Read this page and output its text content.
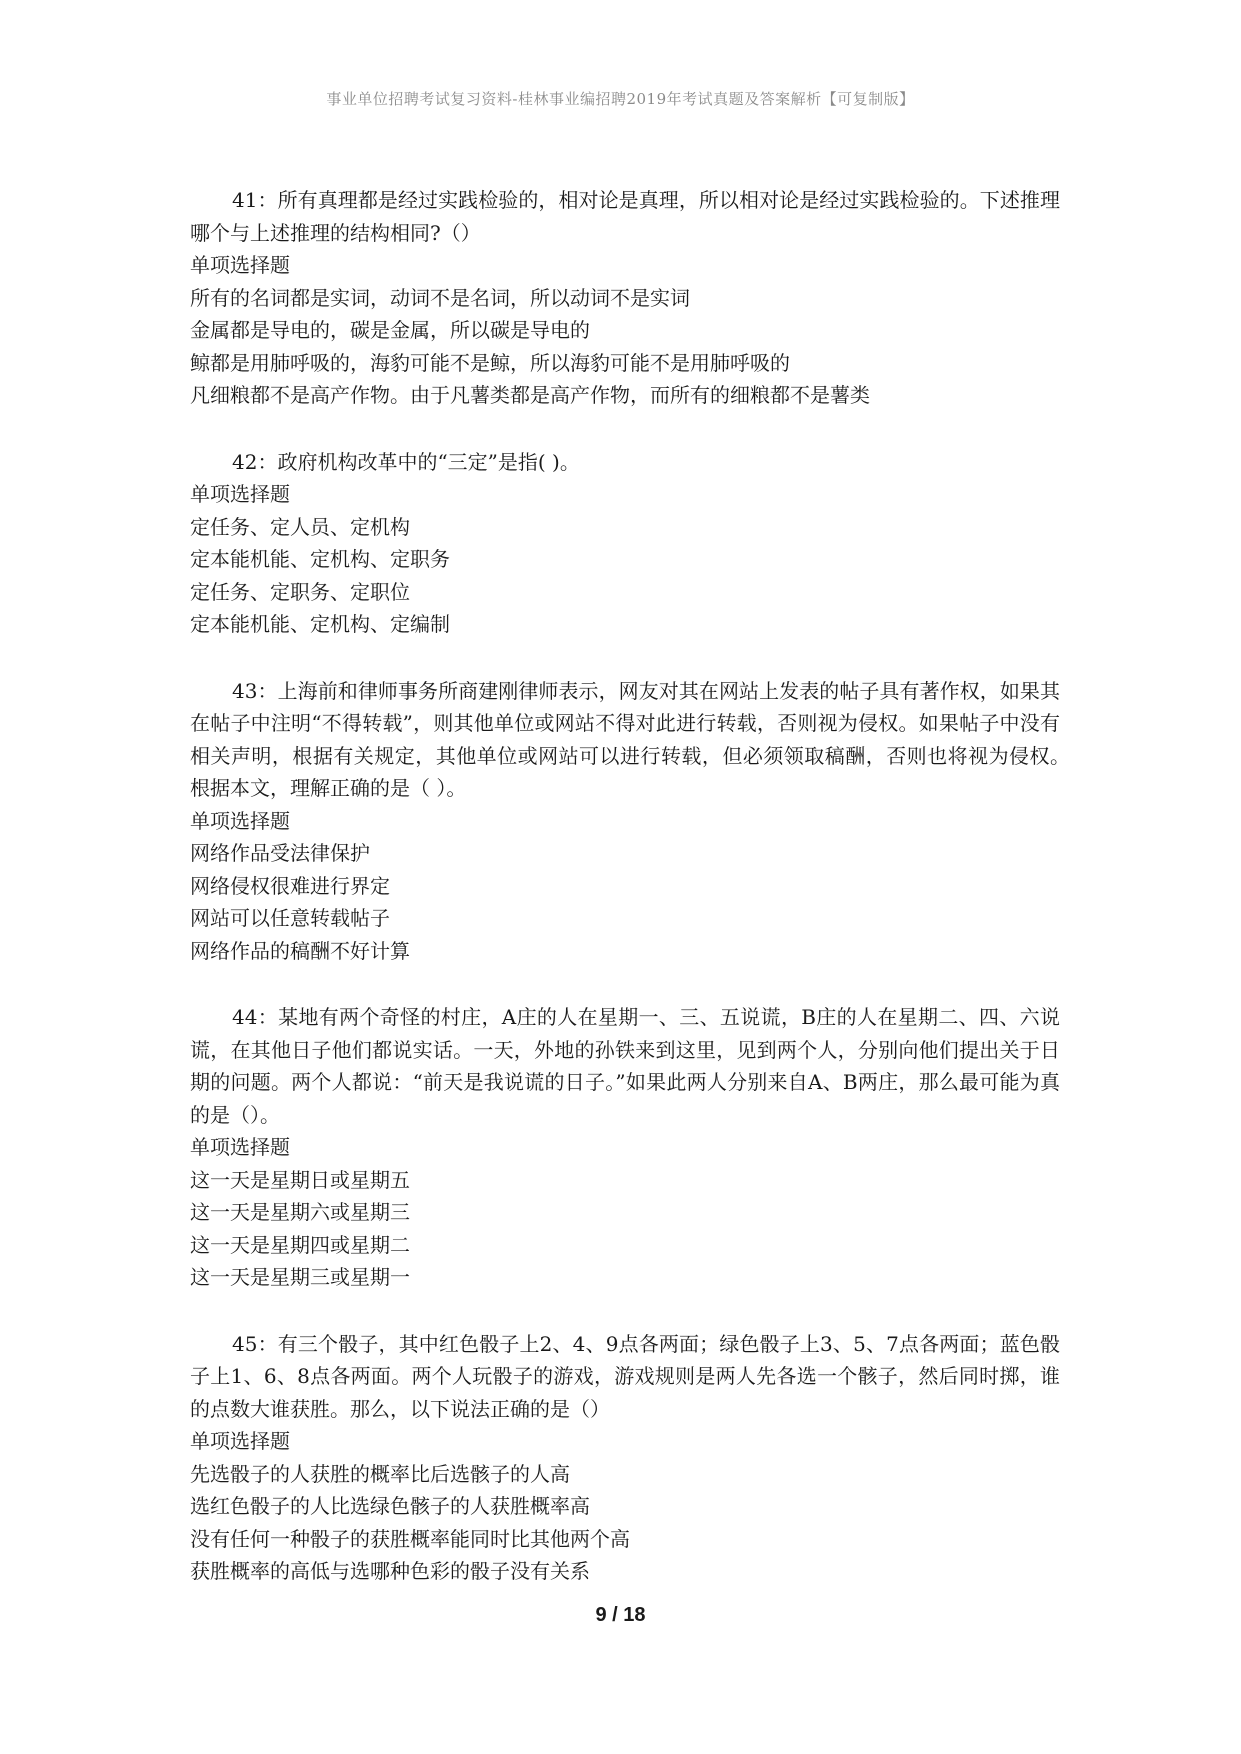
事业单位招聘考试复习资料-桂林事业编招聘2019年考试真题及答案解析【可复制版】

41：所有真理都是经过实践检验的，相对论是真理，所以相对论是经过实践检验的。下述推理哪个与上述推理的结构相同?（）

单项选择题

所有的名词都是实词，动词不是名词，所以动词不是实词

金属都是导电的，碳是金属，所以碳是导电的

鲸都是用肺呼吸的，海豹可能不是鲸，所以海豹可能不是用肺呼吸的

凡细粮都不是高产作物。由于凡薯类都是高产作物，而所有的细粮都不是薯类

42：政府机构改革中的“三定”是指( )。

单项选择题

定任务、定人员、定机构

定本能机能、定机构、定职务

定任务、定职务、定职位

定本能机能、定机构、定编制

43：上海前和律师事务所商建刚律师表示，网友对其在网站上发表的帖子具有著作权，如果其在帖子中注明“不得转载”，则其他单位或网站不得对此进行转载，否则视为侵权。如果帖子中没有相关声明，根据有关规定，其他单位或网站可以进行转载，但必须领取稿酬，否则也将视为侵权。　　根据本文，理解正确的是（ ）。

单项选择题

网络作品受法律保护

网络侵权很难进行界定

网站可以任意转载帖子

网络作品的稿酬不好计算

44：某地有两个奇怪的村庄，A庄的人在星期一、三、五说谎，B庄的人在星期二、四、六说谎，在其他日子他们都说实话。一天，外地的孙铁来到这里，见到两个人，分别向他们提出关于日期的问题。两个人都说：“前天是我说谎的日子。”如果此两人分别来自A、B两庄，那么最可能为真的是（）。

单项选择题

这一天是星期日或星期五

这一天是星期六或星期三

这一天是星期四或星期二

这一天是星期三或星期一

45：有三个骰子，其中红色骰子上2、4、9点各两面；绿色骰子上3、5、7点各两面；蓝色骰子上1、6、8点各两面。两个人玩骰子的游戏，游戏规则是两人先各选一个骸子，然后同时掷，谁的点数大谁获胜。那么，以下说法正确的是（）

单项选择题

先选骰子的人获胜的概率比后选骸子的人高

选红色骰子的人比选绿色骸子的人获胜概率高

没有任何一种骰子的获胜概率能同时比其他两个高

获胜概率的高低与选哪种色彩的骰子没有关系

9 / 18
